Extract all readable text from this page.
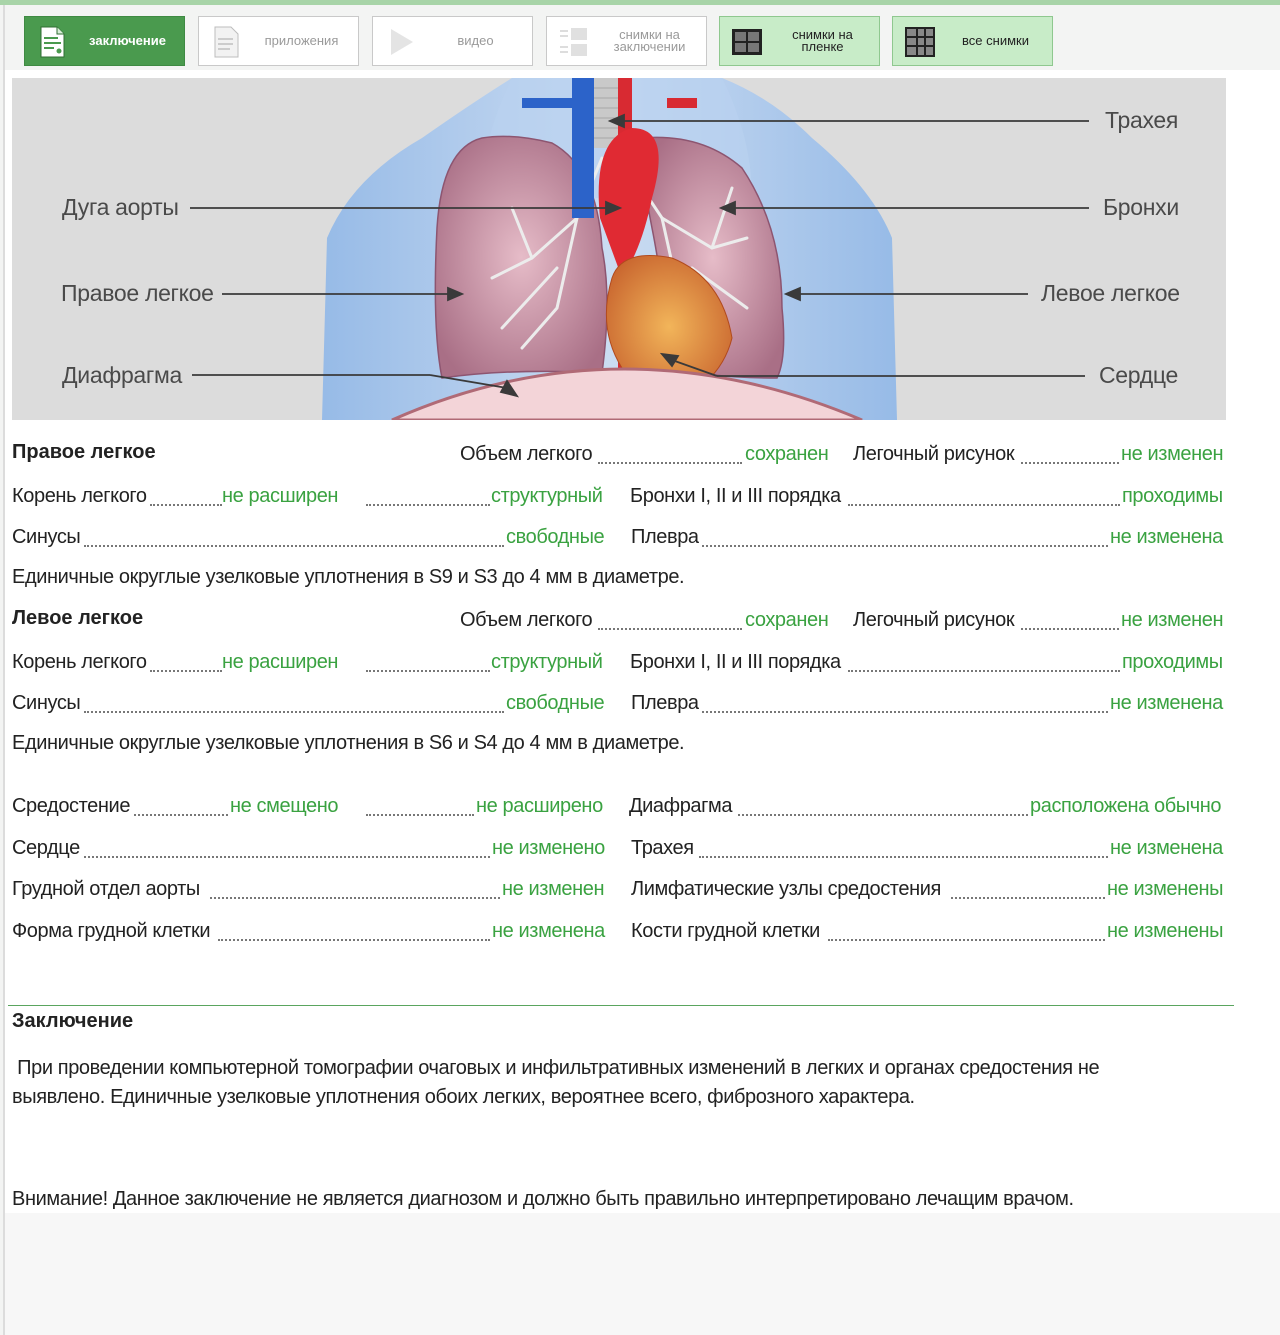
заключение	приложения	видео	снимки на заключении
снимки на пленке	все снимки
Трахея
Дуга аорты	Бронхи
Правое легкое	Левое легкое
Диафрагма	Сердце
Правое легкое	Объем легкого	сохранен Легочный рисунок	не изменен
Корень легкого	не расширен	структурный Бронхи I, II и III порядка	проходимы
Синусы	свободные Плевра	не изменена
Единичные округлые узелковые уплотнения в S9 и S3 до 4 мм в диаметре.
Левое легкое	Объем легкого	сохранен Легочный рисунок	не изменен
Корень легкого	не расширен	структурный Бронхи I, II и III порядка	проходимы
Синусы	свободные Плевра	не изменена
Единичные округлые узелковые уплотнения в S6 и S4 до 4 мм в диаметре.
Средостение	не смещено	не расширено Диафрагма	расположена обычно
Сердце	не изменено Трахея	не изменена
Грудной отдел аорты	не изменен Лимфатические узлы средостения	не изменены
Форма грудной клетки	не изменена Кости грудной клетки	не изменены
Заключение
При проведении компьютерной томографии очаговых и инфильтративных изменений в легких и органах средостения не
выявлено. Единичные узелковые уплотнения обоих легких, вероятнее всего, фиброзного характера.
Внимание! Данное заключение не является диагнозом и должно быть правильно интерпретировано лечащим врачом.
